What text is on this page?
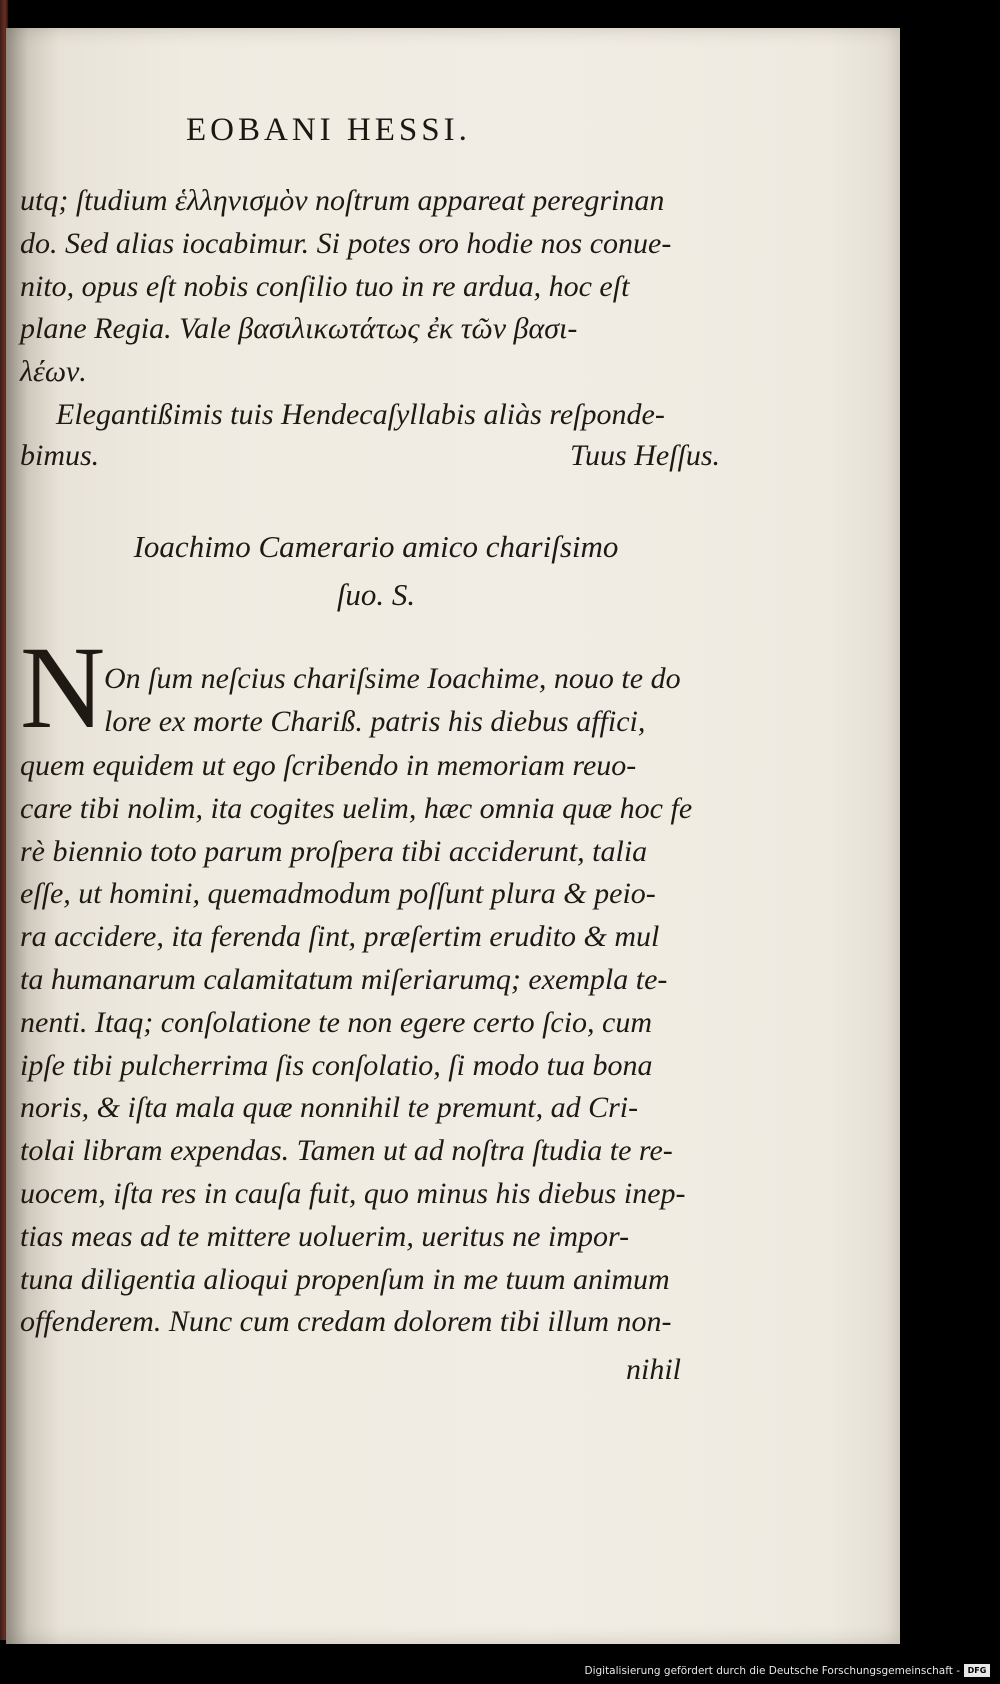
EOBANI HESSI.
utq; ſtudium ἑλληνισμὸν noſtrum appareat peregrinan
do. Sed alias iocabimur. Si potes oro hodie nos conue-
nito, opus eſt nobis conſilio tuo in re ardua, hoc eſt
plane Regia. Vale βασιλικωτάτως ἐκ τῶν βασι-
λέων.

Elegantißimis tuis Hendecaſyllabis aliàs reſponde-

bimus.	Tuus Heſſus.
Ioachimo Camerario amico chariſsimo
ſuo. S.

N

On ſum neſcius chariſsime Ioachime, nouo te do
lore ex morte Chariß. patris his diebus affici,
quem equidem ut ego ſcribendo in memoriam reuo-
care tibi nolim, ita cogites uelim, hæc omnia quæ hoc fe
rè biennio toto parum proſpera tibi acciderunt, talia
eſſe, ut homini, quemadmodum poſſunt plura & peio-
ra accidere, ita ferenda ſint, præſertim erudito & mul
ta humanarum calamitatum miſeriarumq; exempla te-
nenti. Itaq; conſolatione te non egere certo ſcio, cum
ipſe tibi pulcherrima ſis conſolatio, ſi modo tua bona
noris, & iſta mala quæ nonnihil te premunt, ad Cri-
tolai libram expendas. Tamen ut ad noſtra ſtudia te re-
uocem, iſta res in cauſa fuit, quo minus his diebus inep-
tias meas ad te mittere uoluerim, ueritus ne impor-
tuna diligentia alioqui propenſum in me tuum animum
offenderem. Nunc cum credam dolorem tibi illum non-
nihil
Digitalisierung gefördert durch die Deutsche Forschungsgemeinschaft - DFG
